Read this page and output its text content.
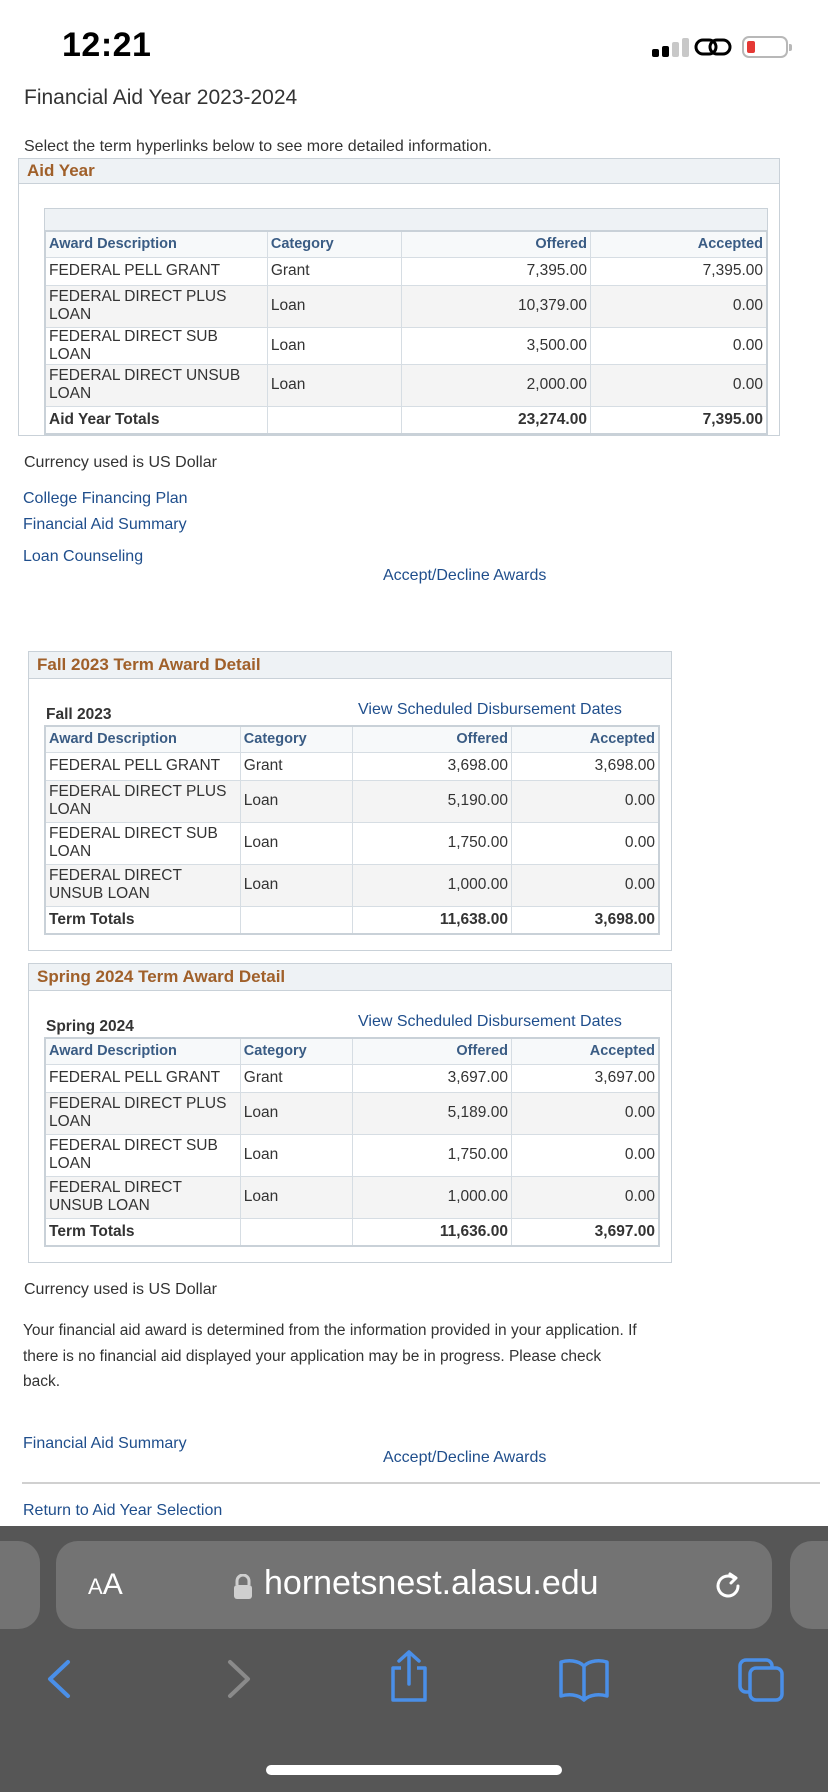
12:21
Financial Aid Year 2023-2024
Select the term hyperlinks below to see more detailed information.
Aid Year
Award Description	Category	Offered	Accepted
FEDERAL PELL GRANT	Grant	7,395.00	7,395.00
FEDERAL DIRECT PLUS LOAN	Loan	10,379.00	0.00
FEDERAL DIRECT SUB LOAN	Loan	3,500.00	0.00
FEDERAL DIRECT UNSUB LOAN	Loan	2,000.00	0.00
Aid Year Totals		23,274.00	7,395.00
Currency used is US Dollar
College Financing Plan
Financial Aid Summary
Loan Counseling
Accept/Decline Awards
Fall 2023 Term Award Detail
Fall 2023	View Scheduled Disbursement Dates
Award Description	Category	Offered	Accepted
FEDERAL PELL GRANT	Grant	3,698.00	3,698.00
FEDERAL DIRECT PLUS LOAN	Loan	5,190.00	0.00
FEDERAL DIRECT SUB LOAN	Loan	1,750.00	0.00
FEDERAL DIRECT UNSUB LOAN	Loan	1,000.00	0.00
Term Totals		11,638.00	3,698.00
Spring 2024 Term Award Detail
Spring 2024	View Scheduled Disbursement Dates
Award Description	Category	Offered	Accepted
FEDERAL PELL GRANT	Grant	3,697.00	3,697.00
FEDERAL DIRECT PLUS LOAN	Loan	5,189.00	0.00
FEDERAL DIRECT SUB LOAN	Loan	1,750.00	0.00
FEDERAL DIRECT UNSUB LOAN	Loan	1,000.00	0.00
Term Totals		11,636.00	3,697.00
Currency used is US Dollar
Your financial aid award is determined from the information provided in your application. If
there is no financial aid displayed your application may be in progress. Please check
back.
Financial Aid Summary
Accept/Decline Awards
Return to Aid Year Selection
AA	hornetsnest.alasu.edu
